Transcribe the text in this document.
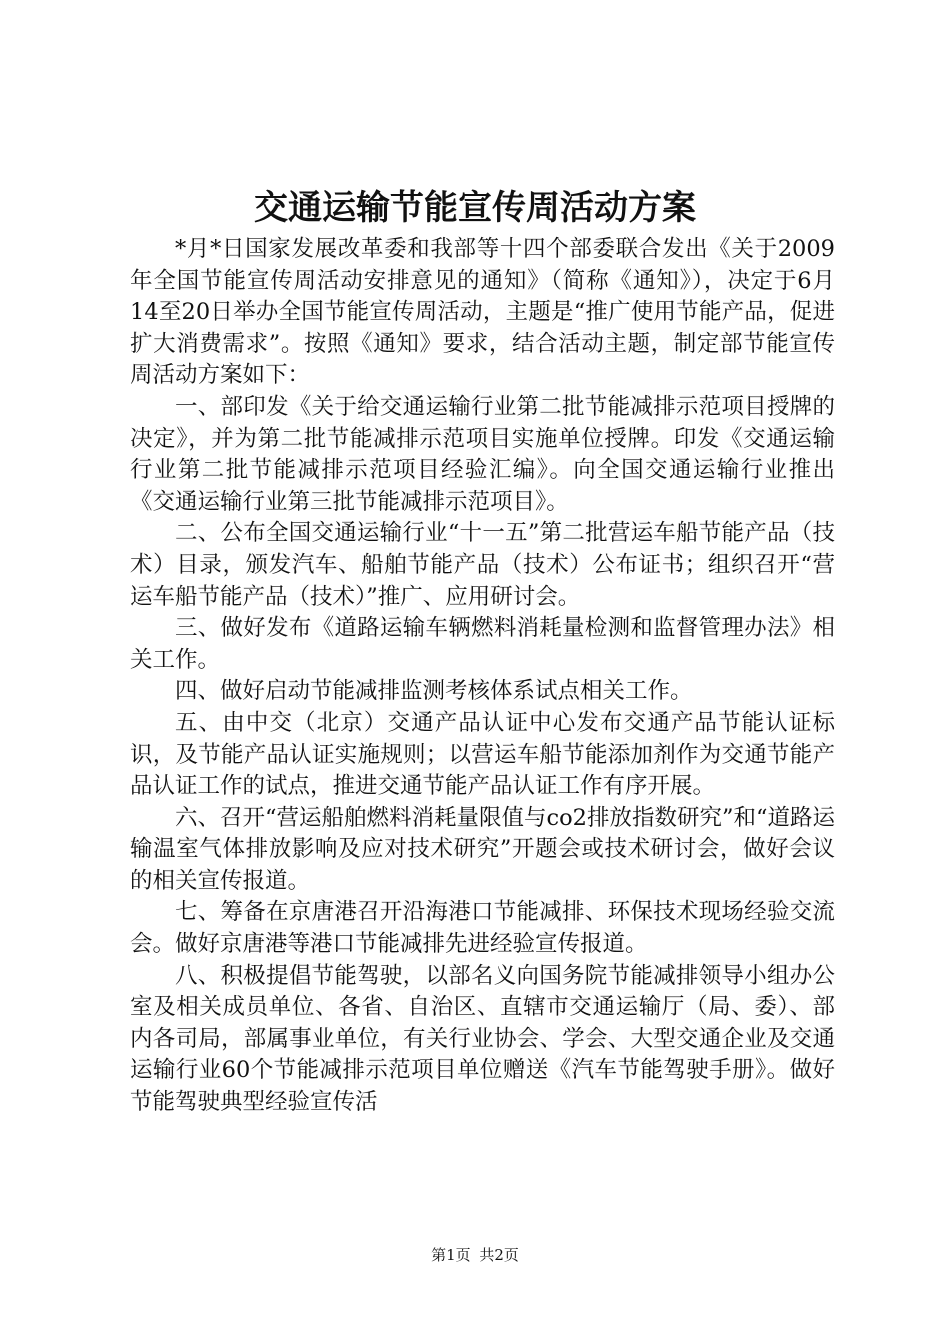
交通运输节能宣传周活动方案

*月*日国家发展改革委和我部等十四个部委联合发出《关于2009年全国节能宣传周活动安排意见的通知》（简称《通知》），决定于6月14至20日举办全国节能宣传周活动，主题是“推广使用节能产品，促进扩大消费需求”。按照《通知》要求，结合活动主题，制定部节能宣传周活动方案如下：

一、部印发《关于给交通运输行业第二批节能减排示范项目授牌的决定》，并为第二批节能减排示范项目实施单位授牌。印发《交通运输行业第二批节能减排示范项目经验汇编》。向全国交通运输行业推出《交通运输行业第三批节能减排示范项目》。

二、公布全国交通运输行业“十一五”第二批营运车船节能产品（技术）目录，颁发汽车、船舶节能产品（技术）公布证书；组织召开“营运车船节能产品（技术）”推广、应用研讨会。

三、做好发布《道路运输车辆燃料消耗量检测和监督管理办法》相关工作。

四、做好启动节能减排监测考核体系试点相关工作。

五、由中交（北京）交通产品认证中心发布交通产品节能认证标识，及节能产品认证实施规则；以营运车船节能添加剂作为交通节能产品认证工作的试点，推进交通节能产品认证工作有序开展。

六、召开“营运船舶燃料消耗量限值与co2排放指数研究”和“道路运输温室气体排放影响及应对技术研究”开题会或技术研讨会，做好会议的相关宣传报道。

七、筹备在京唐港召开沿海港口节能减排、环保技术现场经验交流会。做好京唐港等港口节能减排先进经验宣传报道。

八、积极提倡节能驾驶，以部名义向国务院节能减排领导小组办公室及相关成员单位、各省、自治区、直辖市交通运输厅（局、委）、部内各司局，部属事业单位，有关行业协会、学会、大型交通企业及交通运输行业60个节能减排示范项目单位赠送《汽车节能驾驶手册》。做好节能驾驶典型经验宣传活

第1页 共2页
